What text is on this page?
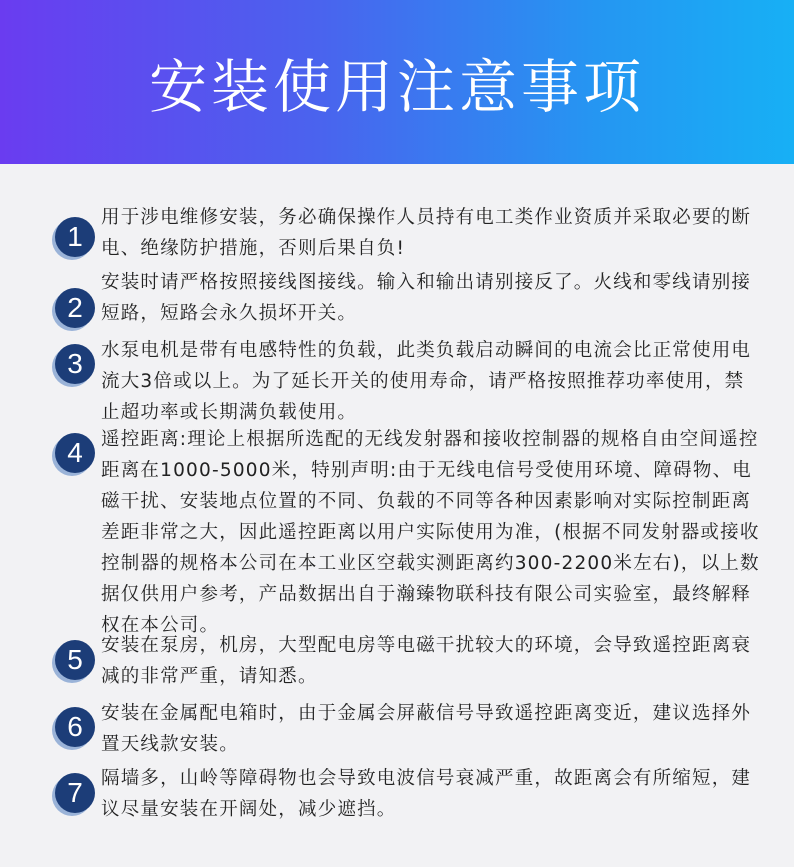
安装使用注意事项
1
用于涉电维修安装，务必确保操作人员持有电工类作业资质并采取必要的断电、绝缘防护措施，否则后果自负!
2
安装时请严格按照接线图接线。输入和输出请别接反了。火线和零线请别接短路，短路会永久损坏开关。
3 水泵电机是带有电感特性的负载，此类负载启动瞬间的电流会比正常使用电流大3倍或以上。为了延长开关的使用寿命，请严格按照推荐功率使用，禁止超功率或长期满负载使用。
4 遥控距离:理论上根据所选配的无线发射器和接收控制器的规格自由空间遥控距离在1000-5000米，特别声明:由于无线电信号受使用环境、障碍物、电磁干扰、安装地点位置的不同、负载的不同等各种因素影响对实际控制距离差距非常之大，因此遥控距离以用户实际使用为准，(根据不同发射器或接收控制器的规格本公司在本工业区空载实测距离约300-2200米左右)，以上数据仅供用户参考，产品数据出自于瀚臻物联科技有限公司实验室，最终解释权在本公司。
5 安装在泵房，机房，大型配电房等电磁干扰较大的环境，会导致遥控距离衰减的非常严重，请知悉。
6 安装在金属配电箱时，由于金属会屏蔽信号导致遥控距离变近，建议选择外置天线款安装。
7 隔墙多，山岭等障碍物也会导致电波信号衰减严重，故距离会有所缩短，建议尽量安装在开阔处，减少遮挡。
